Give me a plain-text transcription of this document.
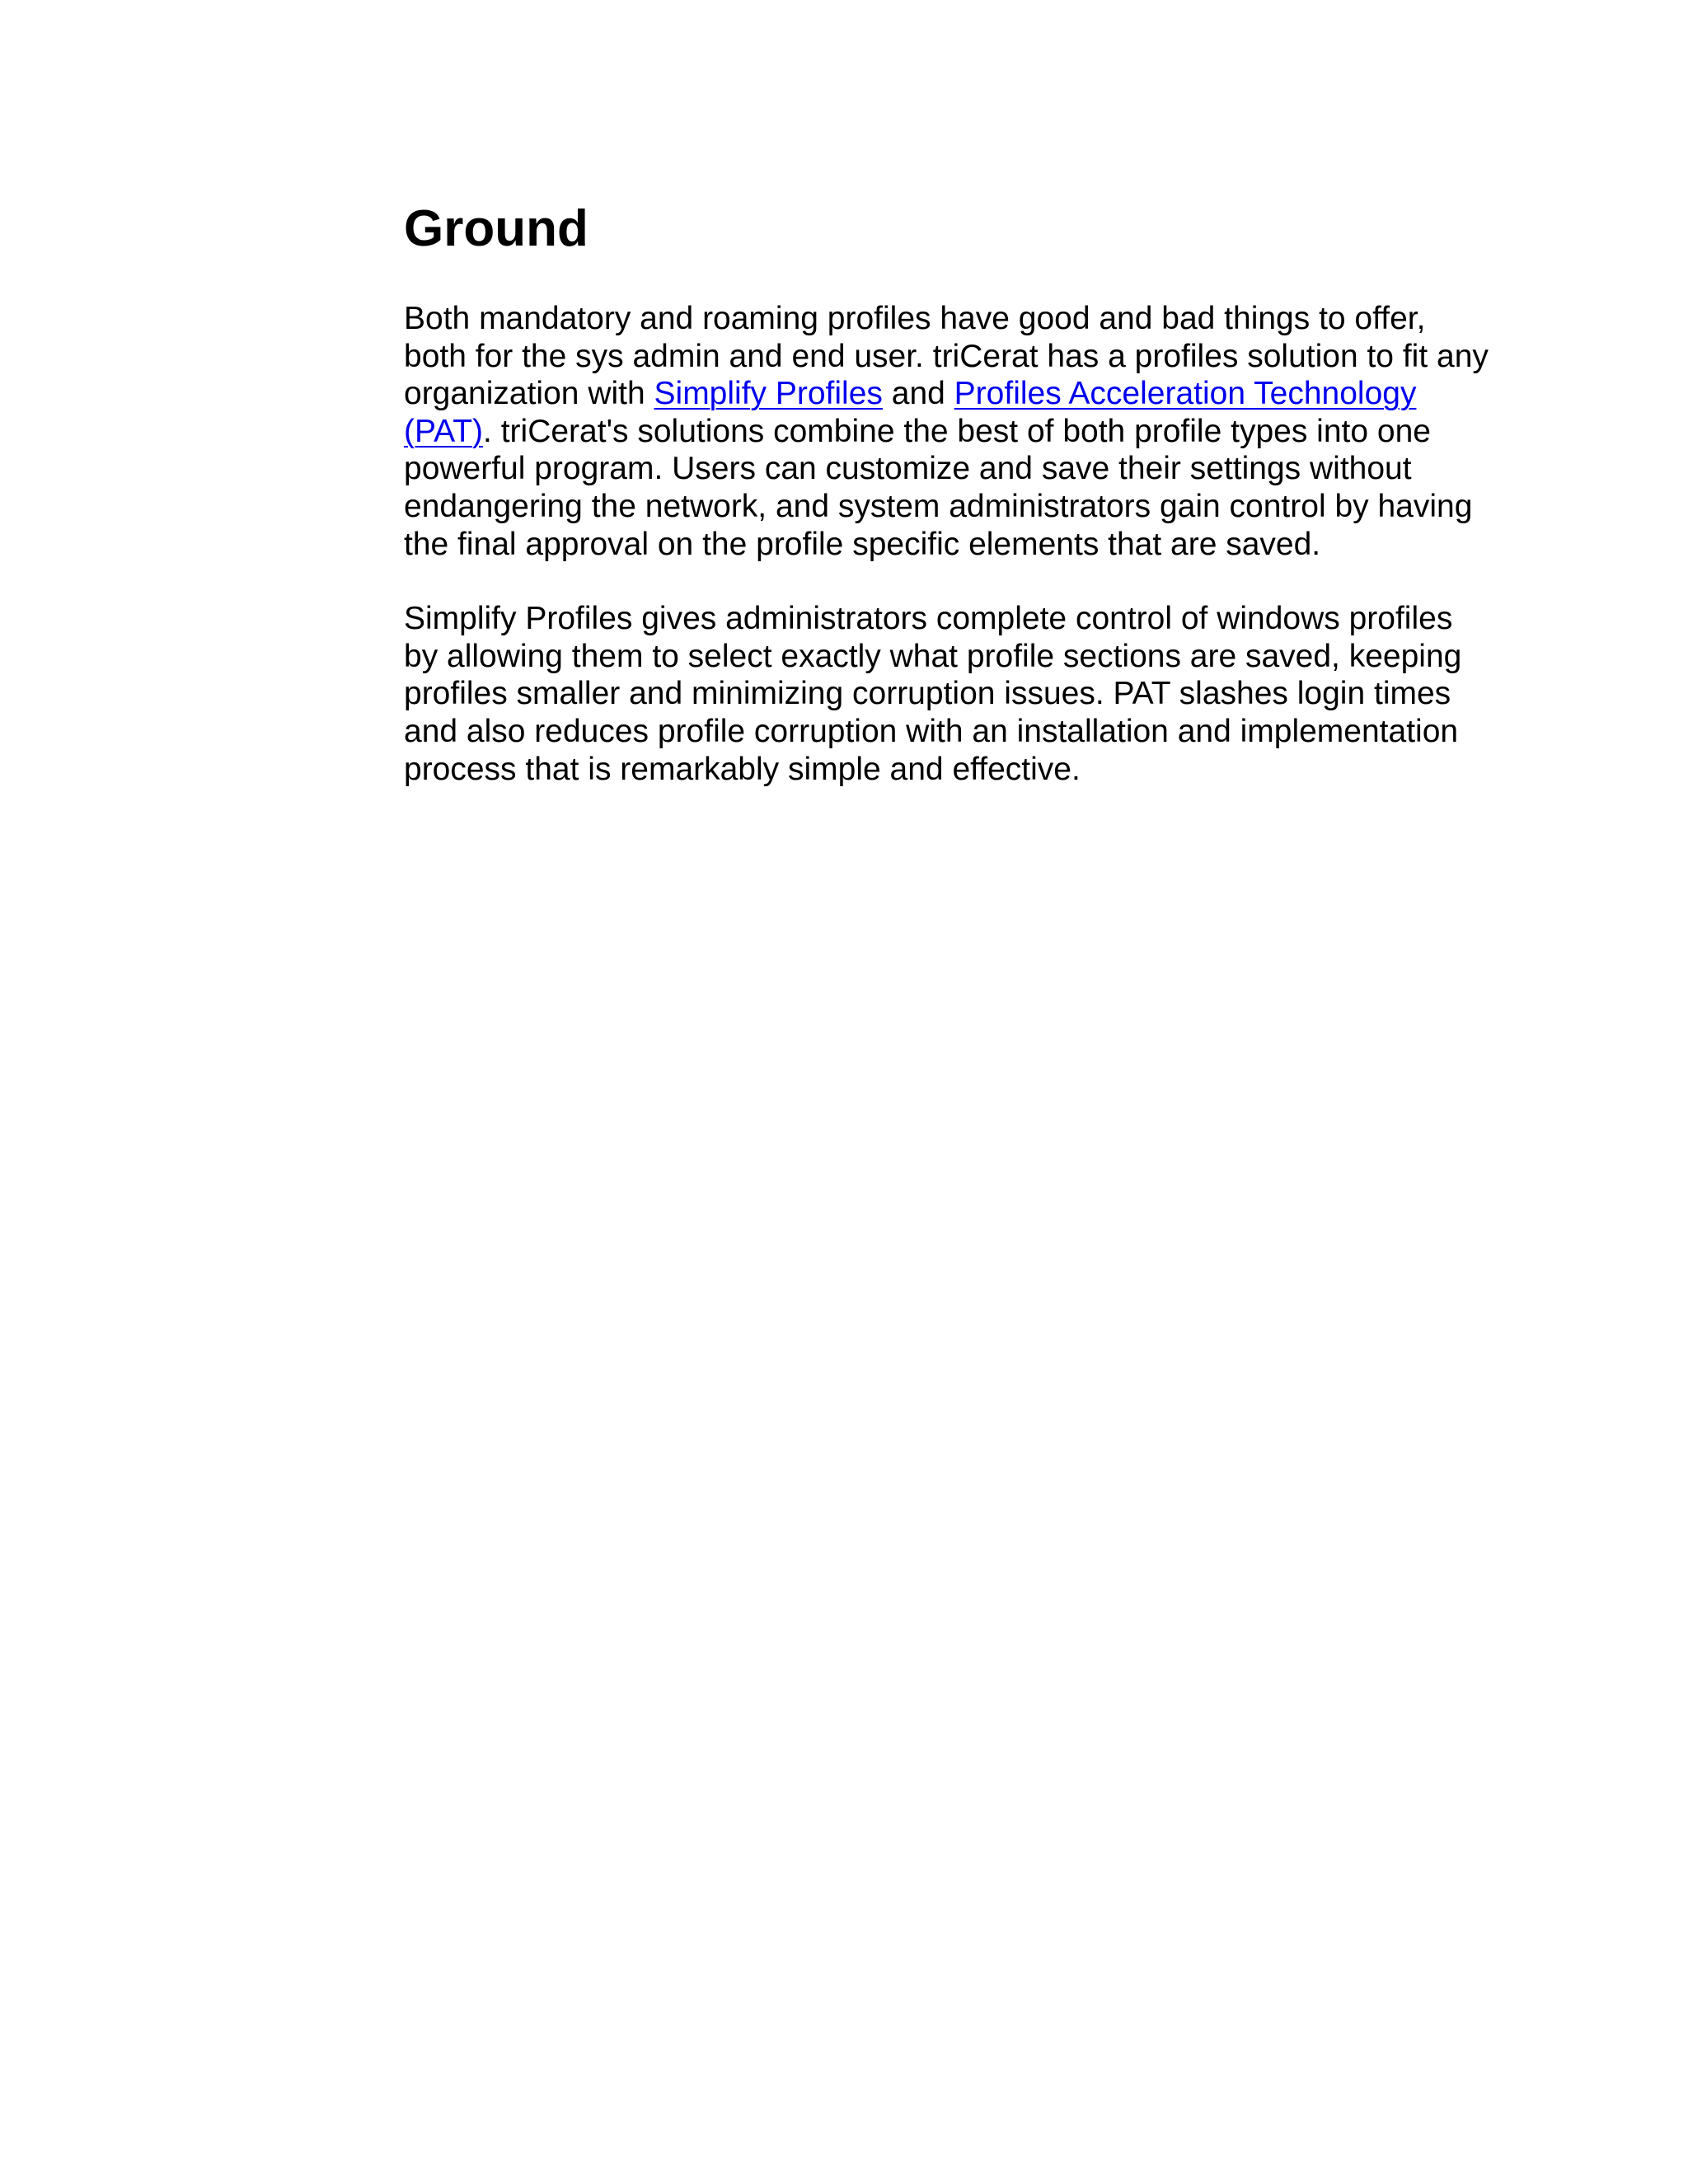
Ground

Both mandatory and roaming profiles have good and bad things to offer, both for the sys admin and end user. triCerat has a profiles solution to fit any organization with Simplify Profiles and Profiles Acceleration Technology (PAT). triCerat's solutions combine the best of both profile types into one powerful program. Users can customize and save their settings without endangering the network, and system administrators gain control by having the final approval on the profile specific elements that are saved.

Simplify Profiles gives administrators complete control of windows profiles by allowing them to select exactly what profile sections are saved, keeping profiles smaller and minimizing corruption issues. PAT slashes login times and also reduces profile corruption with an installation and implementation process that is remarkably simple and effective.
